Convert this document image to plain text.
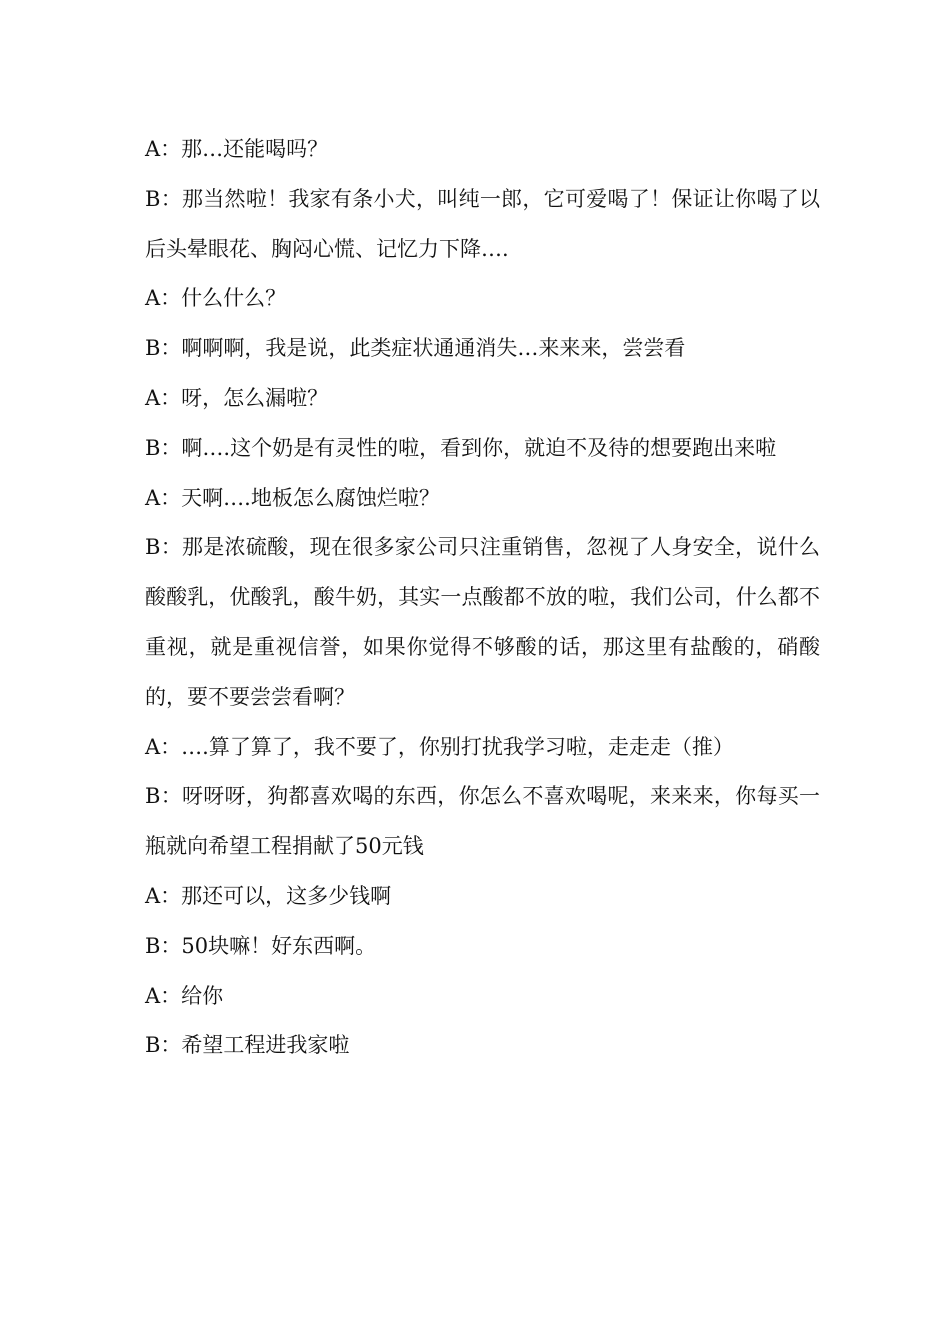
A：那…还能喝吗？
B：那当然啦！我家有条小犬，叫纯一郎，它可爱喝了！保证让你喝了以后头晕眼花、胸闷心慌、记忆力下降….
A：什么什么？
B：啊啊啊，我是说，此类症状通通消失…来来来，尝尝看
A：呀，怎么漏啦？
B：啊….这个奶是有灵性的啦，看到你，就迫不及待的想要跑出来啦
A：天啊….地板怎么腐蚀烂啦？
B：那是浓硫酸，现在很多家公司只注重销售，忽视了人身安全，说什么酸酸乳，优酸乳，酸牛奶，其实一点酸都不放的啦，我们公司，什么都不重视，就是重视信誉，如果你觉得不够酸的话，那这里有盐酸的，硝酸的，要不要尝尝看啊？
A：….算了算了，我不要了，你别打扰我学习啦，走走走（推）
B：呀呀呀，狗都喜欢喝的东西，你怎么不喜欢喝呢，来来来，你每买一瓶就向希望工程捐献了50元钱
A：那还可以，这多少钱啊
B：50块嘛！好东西啊。
A：给你
B：希望工程进我家啦
